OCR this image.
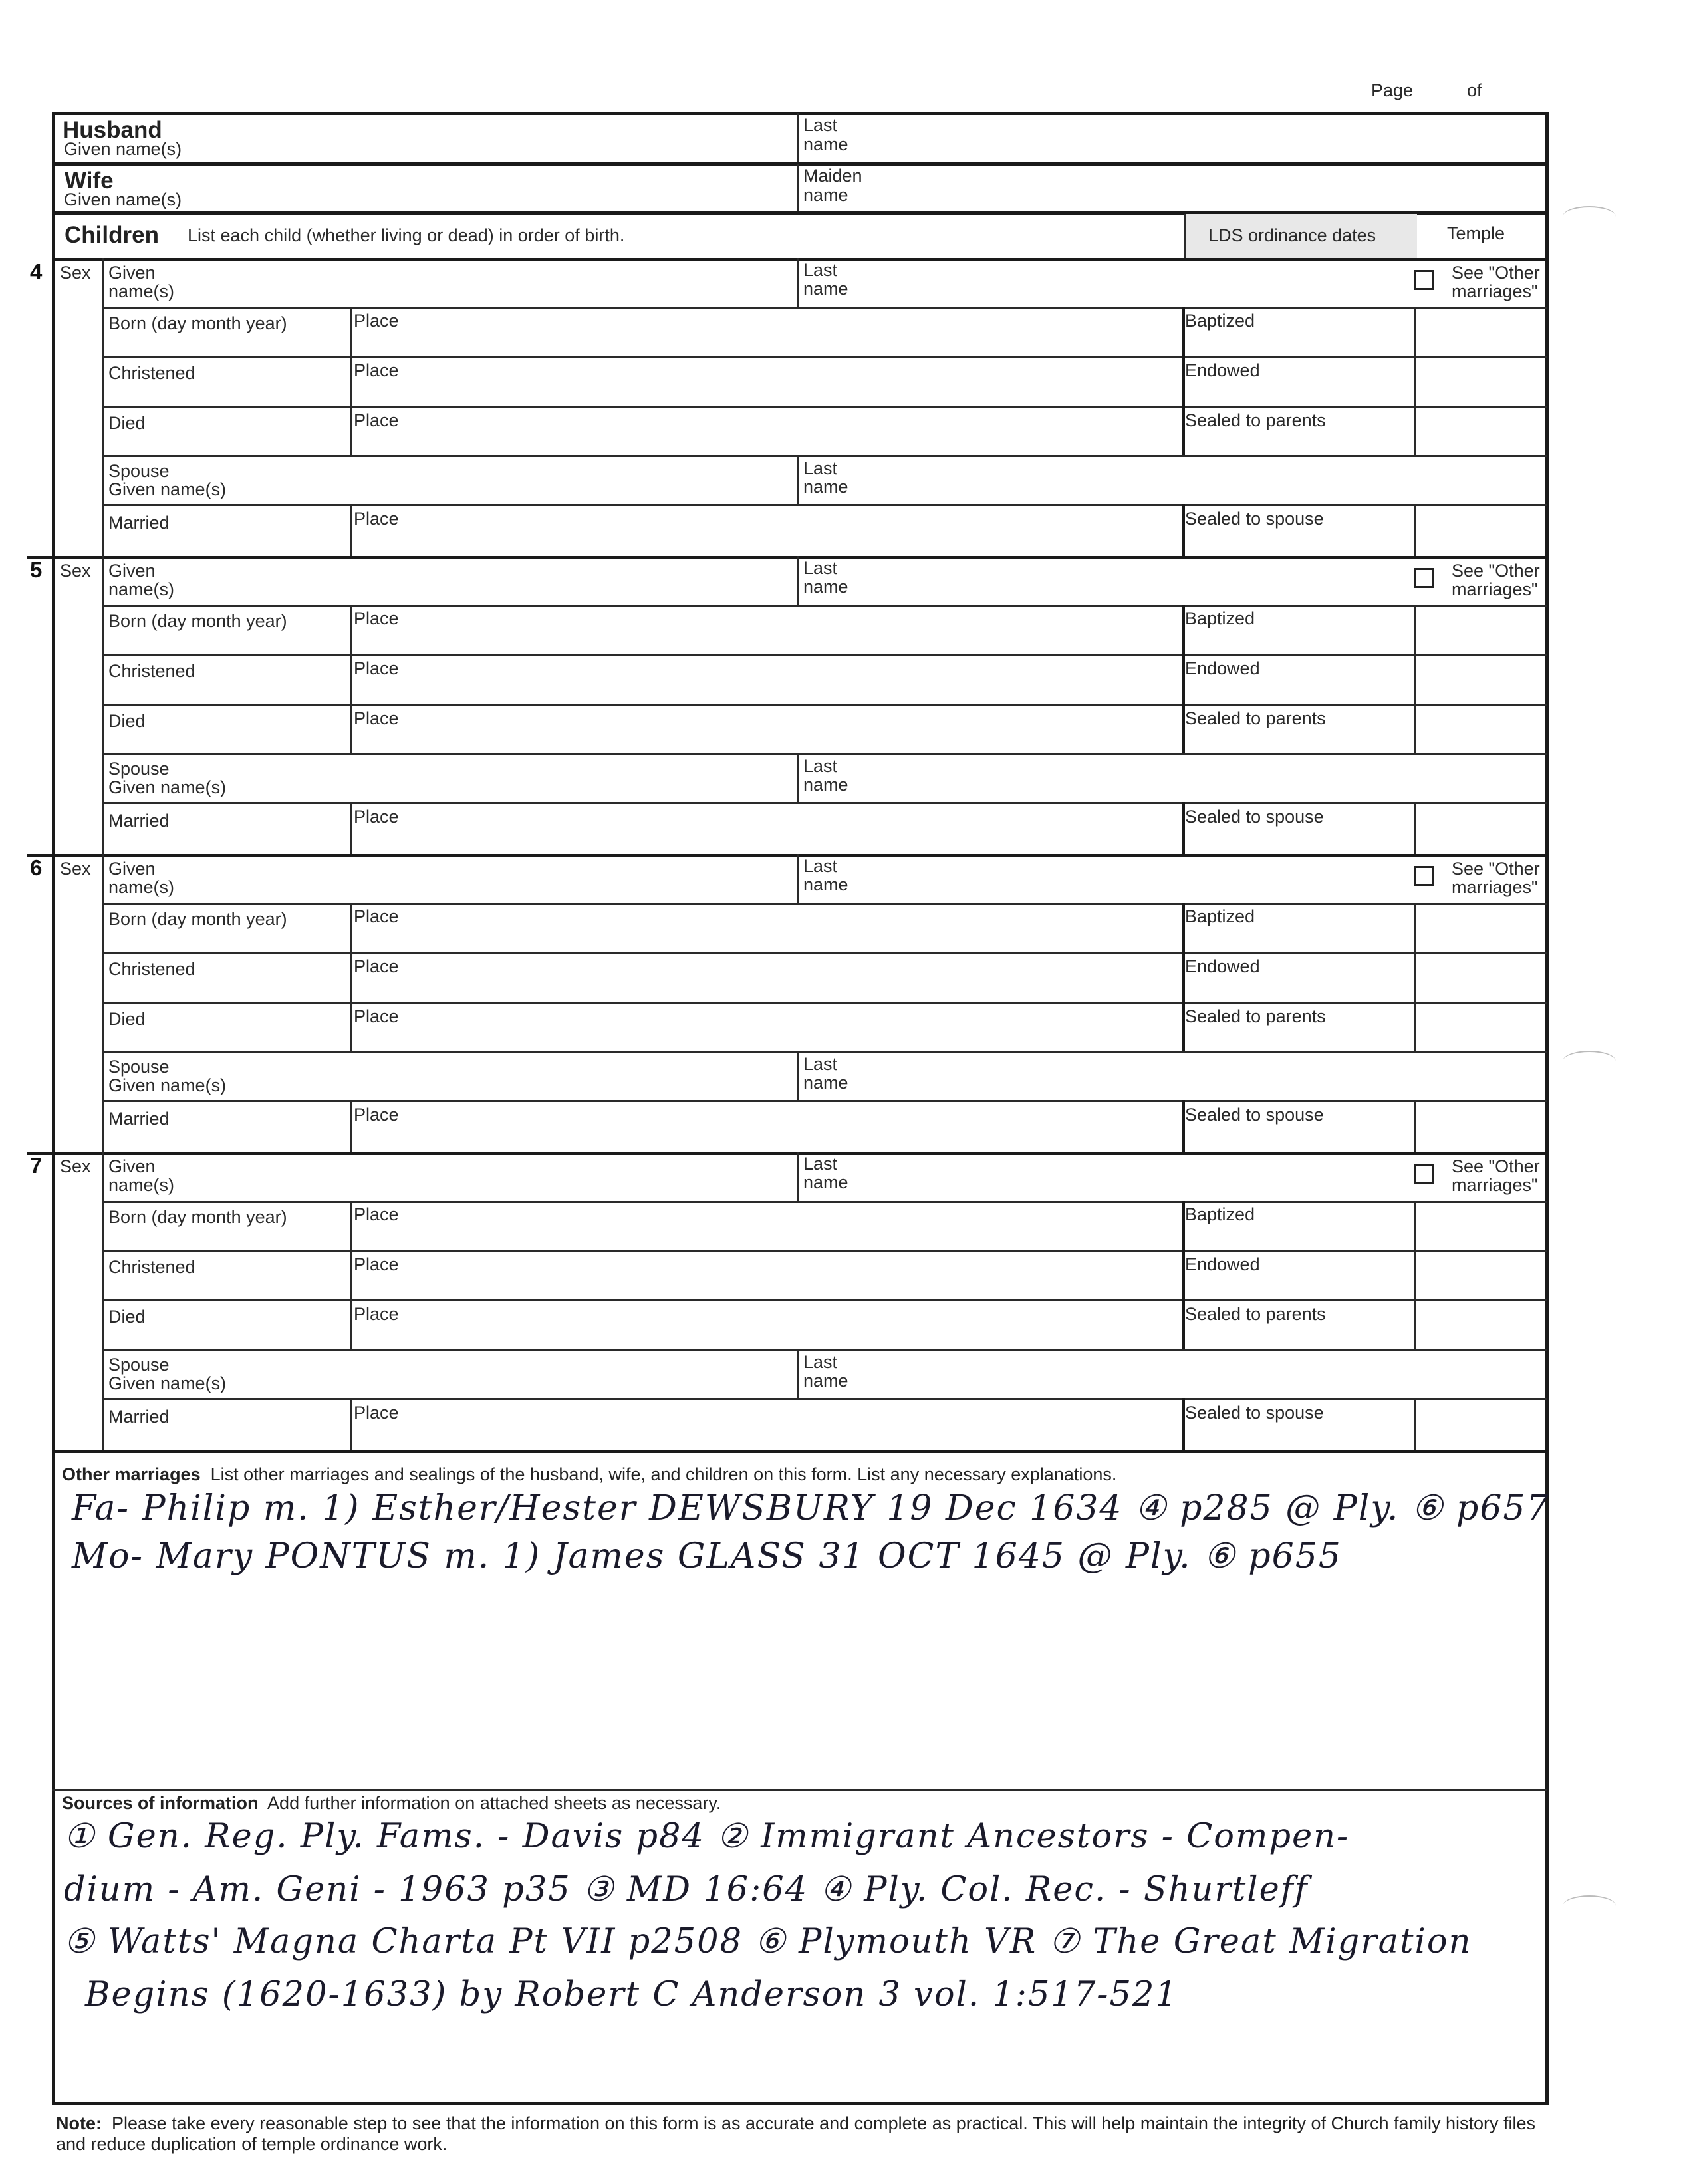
Page	of
Husband
Given name(s)
Last
name
Wife
Given name(s)
Maiden
name
Children List each child (whether living or dead) in order of birth.	LDS ordinance dates	Temple
4 Sex Given
name(s)
Last
name
See "Other
marriages"
Born (day month year)	Place	Baptized
Christened	Place	Endowed
Died	Place	Sealed to parents
Spouse
Given name(s)
Last
name
Married	Place	Sealed to spouse
5 Sex Given
name(s)
Last
name
See "Other
marriages"
Born (day month year)	Place	Baptized
Christened	Place	Endowed
Died	Place	Sealed to parents
Spouse
Given name(s)
Last
name
Married	Place	Sealed to spouse
6 Sex Given
name(s)
Last
name
See "Other
marriages"
Born (day month year)	Place	Baptized
Christened	Place	Endowed
Died	Place	Sealed to parents
Spouse
Given name(s)
Last
name
Married	Place	Sealed to spouse
7 Sex Given
name(s)
Last
name
See "Other
marriages"
Born (day month year)	Place	Baptized
Christened	Place	Endowed
Died	Place	Sealed to parents
Spouse
Given name(s)
Last
name
Married	Place	Sealed to spouse
Other marriages List other marriages and sealings of the husband, wife, and children on this form. List any necessary explanations.
Fa- Philip m. 1) Esther/Hester DEWSBURY 19 Dec 1634 ④ p285 @ Ply. ⑥ p657
Mo- Mary PONTUS m. 1) James GLASS 31 OCT 1645 @ Ply. ⑥ p655
Sources of information Add further information on attached sheets as necessary.
① Gen. Reg. Ply. Fams. - Davis p84 ② Immigrant Ancestors - Compen-
dium - Am. Geni - 1963 p35 ③ MD 16:64 ④ Ply. Col. Rec. - Shurtleff
⑤ Watts' Magna Charta Pt VII p2508 ⑥ Plymouth VR ⑦ The Great Migration
Begins (1620-1633) by Robert C Anderson 3 vol. 1:517-521
Note: Please take every reasonable step to see that the information on this form is as accurate and complete as practical. This will help maintain the integrity of Church family history files and reduce duplication of temple ordinance work.
